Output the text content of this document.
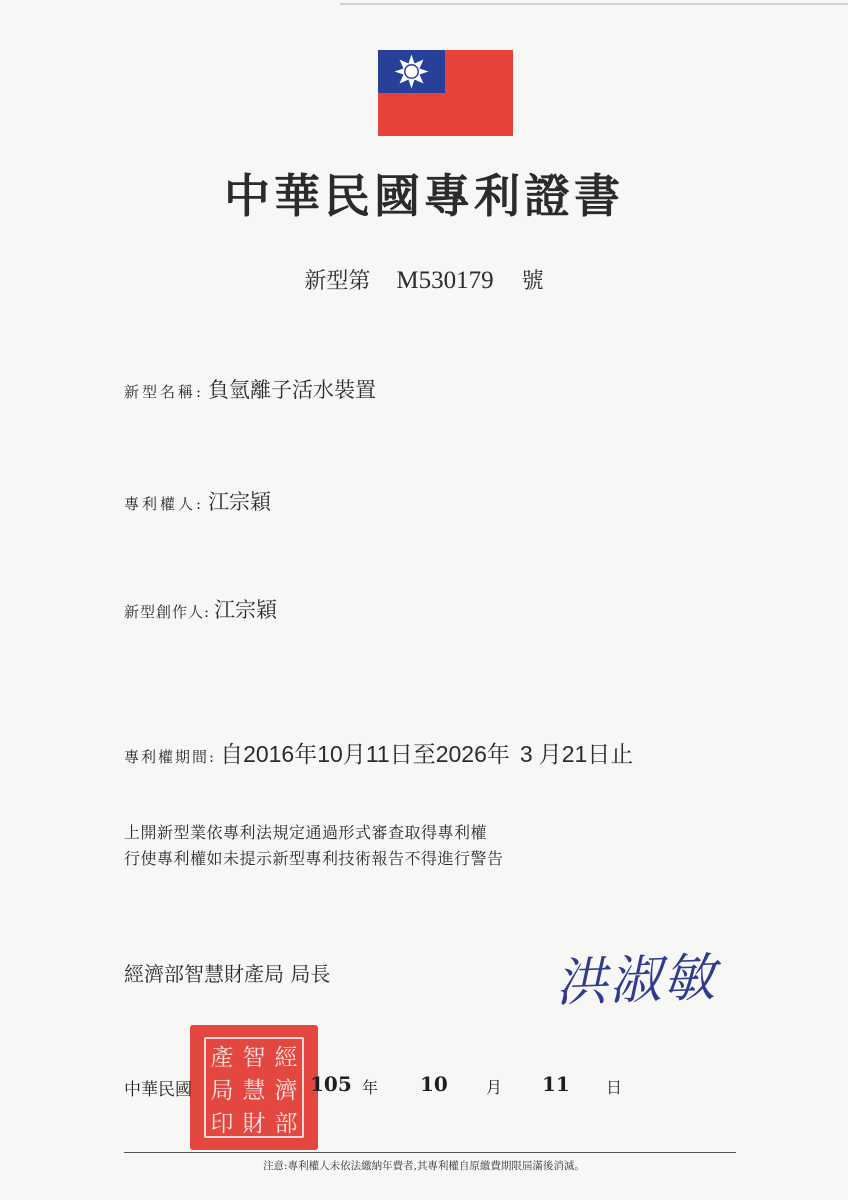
中華民國專利證書
新型第 M530179 號
新型名稱: 負氫離子活水裝置
專利權人: 江宗穎
新型創作人: 江宗穎
專利權期間: 自2016年10月11日至2026年 3 月21日止
上開新型業依專利法規定通過形式審查取得專利權
行使專利權如未提示新型專利技術報告不得進行警告
經濟部智慧財產局 局長	洪淑敏
產 智 經
局 慧 濟
印 財 部
中華民國	105 年 10 月 11 日
注意:專利權人未依法繳納年費者,其專利權自原繳費期限屆滿後消滅。
